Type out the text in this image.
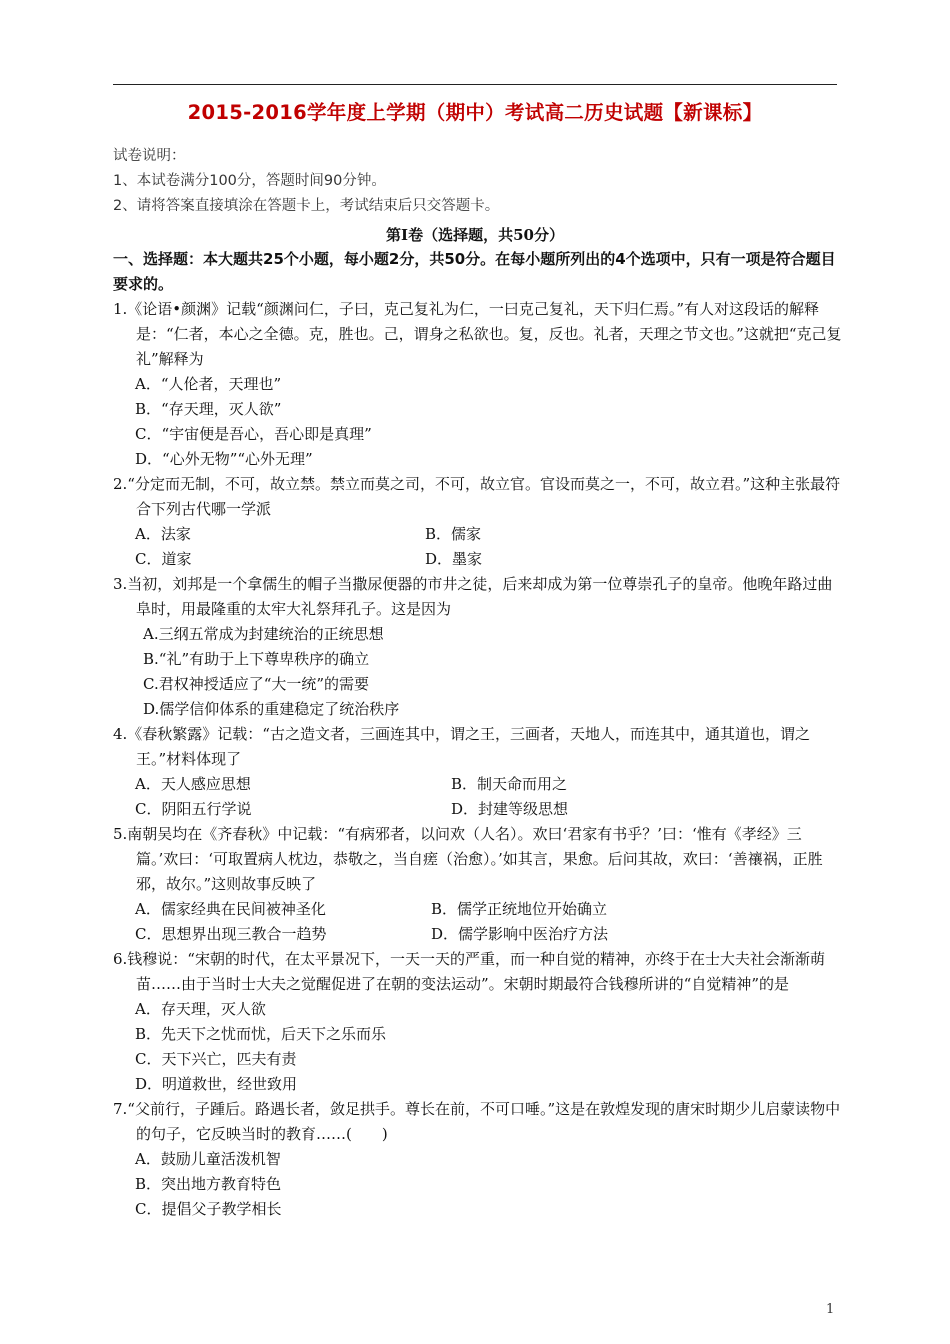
2015-2016学年度上学期（期中）考试高二历史试题【新课标】
试卷说明：
1、本试卷满分100分，答题时间90分钟。
2、请将答案直接填涂在答题卡上，考试结束后只交答题卡。
第Ⅰ卷（选择题，共50分）
一、选择题：本大题共25个小题，每小题2分，共50分。在每小题所列出的4个选项中，只有一项是符合题目要求的。
1.《论语•颜渊》记载“颜渊问仁，子曰，克己复礼为仁，一曰克己复礼，天下归仁焉。”有人对这段话的解释是：“仁者，本心之全德。克，胜也。己，谓身之私欲也。复，反也。礼者，天理之节文也。”这就把“克己复礼”解释为
A．“人伦者，天理也”
B．“存天理，灭人欲”
C．“宇宙便是吾心，吾心即是真理”
D．“心外无物”“心外无理”
2.“分定而无制，不可，故立禁。禁立而莫之司，不可，故立官。官设而莫之一，不可，故立君。”这种主张最符合下列古代哪一学派
A．法家	B．儒家
C．道家	D．墨家
3.当初，刘邦是一个拿儒生的帽子当撒尿便器的市井之徒，后来却成为第一位尊崇孔子的皇帝。他晚年路过曲阜时，用最隆重的太牢大礼祭拜孔子。这是因为
A.三纲五常成为封建统治的正统思想
B.“礼”有助于上下尊卑秩序的确立
C.君权神授适应了“大一统”的需要
D.儒学信仰体系的重建稳定了统治秩序
4.《春秋繁露》记载：“古之造文者，三画连其中，谓之王，三画者，天地人，而连其中，通其道也，谓之王。”材料体现了
A．天人感应思想	B．制天命而用之
C．阴阳五行学说	D．封建等级思想
5.南朝吴均在《齐春秋》中记载：“有病邪者，以问欢（人名）。欢曰‘君家有书乎？’曰：‘惟有《孝经》三篇。’欢曰：‘可取置病人枕边，恭敬之，当自瘥（治愈）。’如其言，果愈。后问其故，欢曰：‘善禳祸，正胜邪，故尔。”这则故事反映了
A．儒家经典在民间被神圣化	B．儒学正统地位开始确立
C．思想界出现三教合一趋势	D．儒学影响中医治疗方法
6.钱穆说：“宋朝的时代，在太平景况下，一天一天的严重，而一种自觉的精神，亦终于在士大夫社会渐渐萌苗……由于当时士大夫之觉醒促进了在朝的变法运动”。宋朝时期最符合钱穆所讲的“自觉精神”的是
A．存天理，灭人欲
B．先天下之忧而忧，后天下之乐而乐
C．天下兴亡，匹夫有责
D．明道救世，经世致用
7.“父前行，子踵后。路遇长者，敛足拱手。尊长在前，不可口唾。”这是在敦煌发现的唐宋时期少儿启蒙读物中的句子，它反映当时的教育……(　　)
A．鼓励儿童活泼机智
B．突出地方教育特色
C．提倡父子教学相长
1
